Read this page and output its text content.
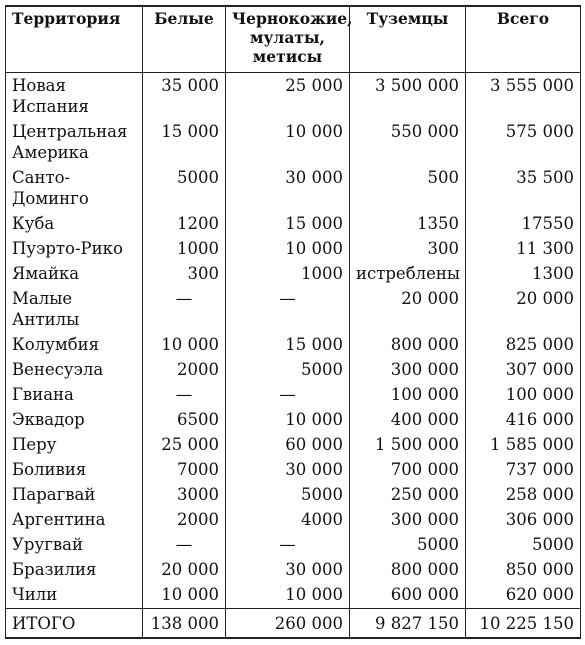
Территория	Белые	Чернокожие, мулаты, метисы	Туземцы	Всего
Новая Испания	35 000	25 000	3 500 000	3 555 000
Центральная Америка	15 000	10 000	550 000	575 000
Санто-Доминго	5000	30 000	500	35 500
Куба	1200	15 000	1350	17550
Пуэрто-Рико	1000	10 000	300	11 300
Ямайка	300	1000	истреблены	1300
Малые Антилы	—	—	20 000	20 000
Колумбия	10 000	15 000	800 000	825 000
Венесуэла	2000	5000	300 000	307 000
Гвиана	—	—	100 000	100 000
Эквадор	6500	10 000	400 000	416 000
Перу	25 000	60 000	1 500 000	1 585 000
Боливия	7000	30 000	700 000	737 000
Парагвай	3000	5000	250 000	258 000
Аргентина	2000	4000	300 000	306 000
Уругвай	—	—	5000	5000
Бразилия	20 000	30 000	800 000	850 000
Чили	10 000	10 000	600 000	620 000
ИТОГО	138 000	260 000	9 827 150	10 225 150
